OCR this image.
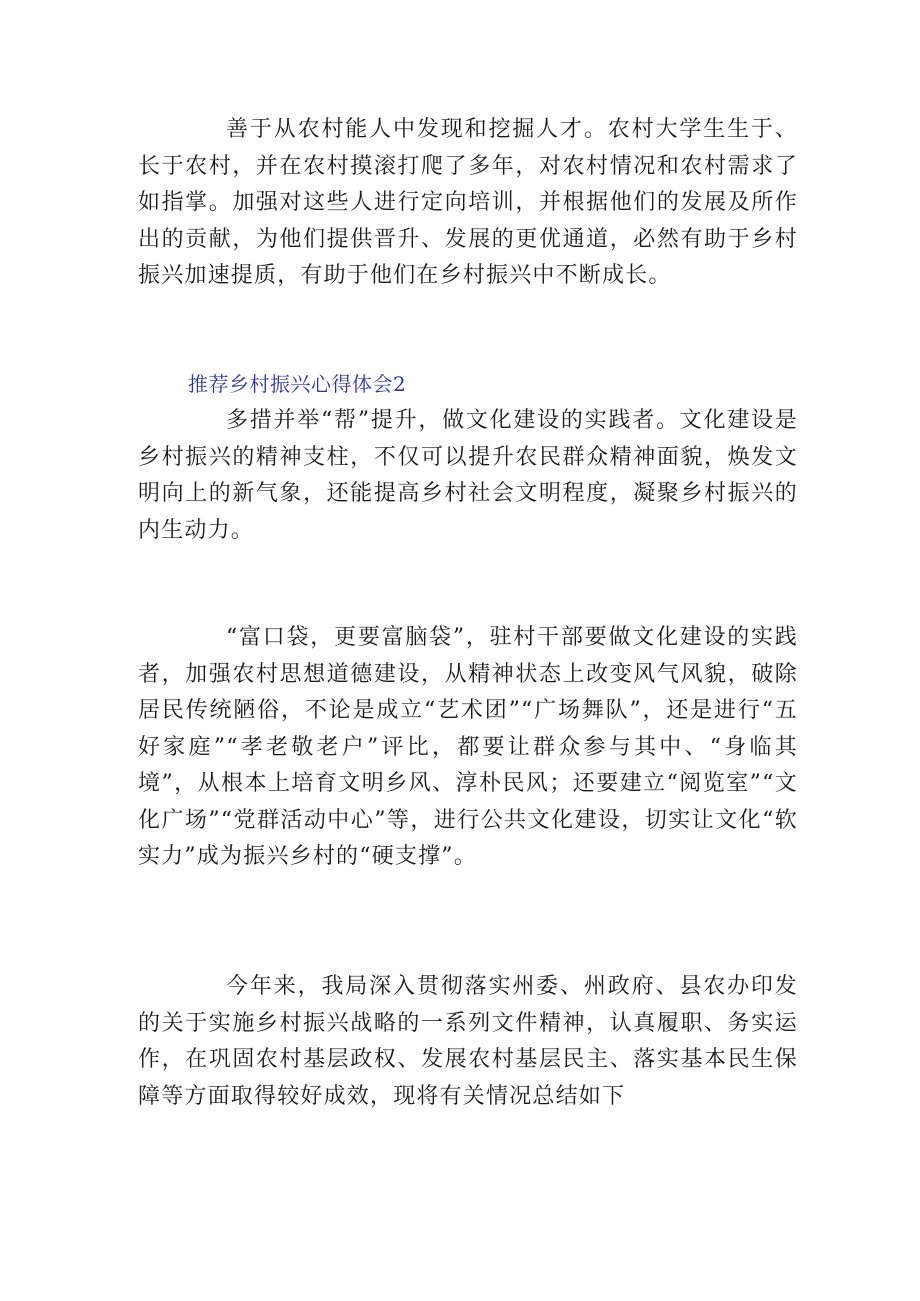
善于从农村能人中发现和挖掘人才。农村大学生生于、长于农村，并在农村摸滚打爬了多年，对农村情况和农村需求了如指掌。加强对这些人进行定向培训，并根据他们的发展及所作出的贡献，为他们提供晋升、发展的更优通道，必然有助于乡村振兴加速提质，有助于他们在乡村振兴中不断成长。

推荐乡村振兴心得体会2

多措并举“帮”提升，做文化建设的实践者。文化建设是乡村振兴的精神支柱，不仅可以提升农民群众精神面貌，焕发文明向上的新气象，还能提高乡村社会文明程度，凝聚乡村振兴的内生动力。

“富口袋，更要富脑袋”，驻村干部要做文化建设的实践者，加强农村思想道德建设，从精神状态上改变风气风貌，破除居民传统陋俗，不论是成立“艺术团”“广场舞队”，还是进行“五好家庭”“孝老敬老户”评比，都要让群众参与其中、“身临其境”，从根本上培育文明乡风、淳朴民风；还要建立“阅览室”“文化广场”“党群活动中心”等，进行公共文化建设，切实让文化“软实力”成为振兴乡村的“硬支撑”。

今年来，我局深入贯彻落实州委、州政府、县农办印发的关于实施乡村振兴战略的一系列文件精神，认真履职、务实运作，在巩固农村基层政权、发展农村基层民主、落实基本民生保障等方面取得较好成效，现将有关情况总结如下
